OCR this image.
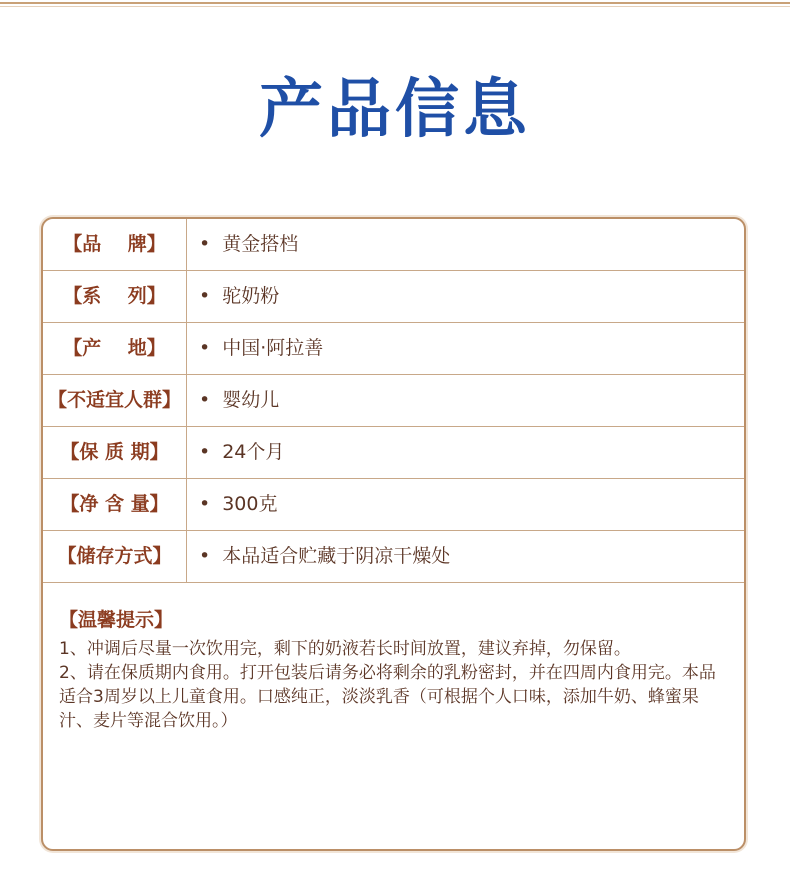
产品信息
【品    牌】	• 黄金搭档
【系    列】	• 驼奶粉
【产    地】	• 中国·阿拉善
【不适宜人群】 • 婴幼儿
【保 质 期】	• 24个月
【净 含 量】	• 300克
【储存方式】	• 本品适合贮藏于阴凉干燥处
【温馨提示】

1、冲调后尽量一次饮用完，剩下的奶液若长时间放置，建议弃掉，勿保留。

2、请在保质期内食用。打开包装后请务必将剩余的乳粉密封，并在四周内食用完。本品适合3周岁以上儿童食用。口感纯正，淡淡乳香（可根据个人口味，添加牛奶、蜂蜜果汁、麦片等混合饮用。）
